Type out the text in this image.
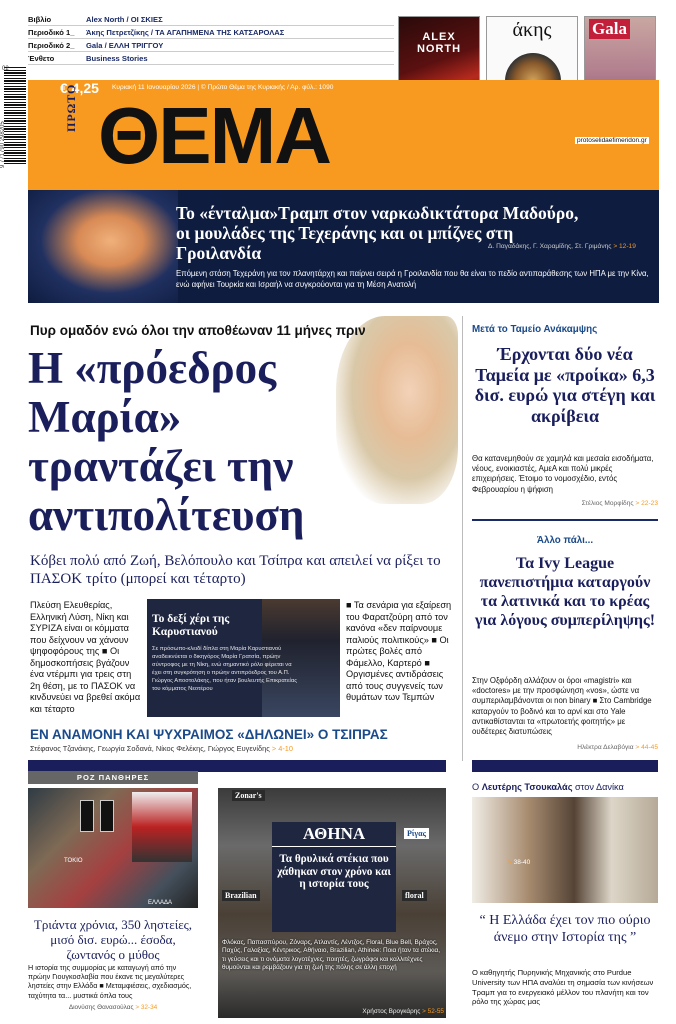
Βιβλίο	Alex North / ΟΙ ΣΚΙΕΣ
Περιοδικό 1_	Άκης Πετρετζίκης / ΤΑ ΑΓΑΠΗΜΕΝΑ ΤΗΣ ΚΑΤΣΑΡΟΛΑΣ
Περιοδικό 2_	Gala / ΕΛΛΗ ΤΡΙΓΓΟΥ
Ένθετο	Business Stories
ALEX NORTH
άκης	Gala
9 771790 298205
02
€ 4,25 Κυριακή 11 Ιανουαρίου 2026 | © Πρώτο Θέμα της Κυριακής / Αρ. φύλ.: 1090
ΠΡΩΤΟ ΘΕΜΑ	protoselidaefimeridon.gr
Το «ένταλμα»Τραμπ στον ναρκωδικτάτορα Μαδούρο, οι μουλάδες της Τεχεράνης και οι μπίζνες στη Γροιλανδία	Δ. Παγαδάκης, Γ. Χαραμίδης, Στ. Γριμάνης > 12-19
Επόμενη στάση Τεχεράνη για τον πλανητάρχη και παίρνει σειρά η Γροιλανδία που θα είναι το πεδίο αντιπαράθεσης των ΗΠΑ με την Κίνα, ενώ αφήνει Τουρκία και Ισραήλ να συγκρούονται για τη Μέση Ανατολή
Πυρ ομαδόν ενώ όλοι την αποθέωναν 11 μήνες πριν
Η «πρόεδρος
Μαρία»
τραντάζει την
αντιπολίτευση
Κόβει πολύ από Ζωή, Βελόπουλο και Τσίπρα και απειλεί να ρίξει το ΠΑΣΟΚ τρίτο (μπορεί και τέταρτο)
Πλεύση Ελευθερίας, Ελληνική Λύση, Νίκη και ΣΥΡΙΖΑ είναι οι κόμματα που δείχνουν να χάνουν ψηφοφόρους της ■ Οι δημοσκοπήσεις βγάζουν ένα ντέρμπι για τρεις στη 2η θέση, με το ΠΑΣΟΚ να κινδυνεύει να βρεθεί ακόμα και τέταρτο
Το δεξί χέρι της Καρυστιανού
Σε πρόσωπο-κλειδί δίπλα στη Μαρία Καρυστιανού αναδεικνύεται ο δικηγόρος Μαρία Γρατσία, πρώην σύντροφος με τη Νίκη, ενώ σημαντικό ρόλο φέρεται να έχει στη συγκρότηση ο πρώην αντιπρόεδρος του Α.Π. Γιώργος Αποστολάκης, που ήταν βουλευτής Επικρατείας του κόμματος Νεοτέρου
■ Τα σενάρια για εξαίρεση του Φαρατζούρη από τον κανόνα «δεν παίρνουμε παλιούς πολιτικούς» ■ Οι πρώτες βολές από Φάμελλο, Καρτερό ■ Οργισμένες αντιδράσεις από τους συγγενείς των θυμάτων των Τεμπών
ΕΝ ΑΝΑΜΟΝΗ ΚΑΙ ΨΥΧΡΑΙΜΟΣ «ΔΗΛΩΝΕΙ» Ο ΤΣΙΠΡΑΣ
Στέφανος Τζανάκης, Γεωργία Σοδανά, Νίκος Φελέκης, Γιώργος Ευγενίδης > 4-10
Μετά το Ταμείο Ανάκαμψης
Έρχονται δύο νέα Ταμεία με «προίκα» 6,3 δισ. ευρώ για στέγη και ακρίβεια
Θα κατανεμηθούν σε χαμηλά και μεσαία εισοδήματα, νέους, ενοικιαστές, ΑμεΑ και πολύ μικρές επιχειρήσεις. Έτοιμο το νομοσχέδιο, εντός Φεβρουαρίου η ψήφιση
Στέλιος Μορφίδης > 22-23
Άλλο πάλι...
Τα Ivy League πανεπιστήμια καταργούν τα λατινικά και το κρέας για λόγους συμπερίληψης!
Στην Οξφόρδη αλλάζουν οι όροι «magistri» και «doctores» με την προσφώνηση «vos», ώστε να συμπεριλαμβάνονται οι non binary ■ Στο Cambridge καταργούν το βοδινό και το αρνί και στο Yale αντικαθίστανται τα «πρωτοετής φοιτητής» με ουδέτερες διατυπώσεις
Ηλέκτρα Δελαβόγια > 44-45
ΡΟΖ ΠΑΝΘΗΡΕΣ
ΤΟΚΙΟ
ΕΛΛΑΔΑ
Τριάντα χρόνια, 350 ληστείες, μισό δισ. ευρώ... έσοδα, ζωντανός ο μύθος
Η ιστορία της συμμορίας με καταγωγή από την πρώην Γιουγκοσλαβία που έκανε τις μεγαλύτερες ληστείες στην Ελλάδα ■ Μεταμφιέσεις, σχεδιασμός, ταχύτητα τα... μυστικά όπλα τους
Διονύσης Θανασούλας > 32-34
Zonar's
Brazilian	floral
Ρίγας
ΑΘΗΝΑ
Τα θρυλικά στέκια που χάθηκαν στον χρόνο και η ιστορία τους
Φλόκας, Παπασπύρου, Ζόναρς, Ατλαντίς, Λέντζος, Floral, Blue Bell, Βράχος, Παχύς, Γαλαξίας, Κέντρικος, Αθήναιο, Brazilian, Athinee: Ποια ήταν τα στέκια, τι γεύσεις και τι ονόματα λογοτέχνες, ποιητές, ζωγράφοι και καλλιτέχνες θυμούνται και ρεμβάζουν για τη ζωή της πόλης σε άλλη εποχή
Χρήστος Βρογκάρης > 52-55
Ο Λευτέρης Τσουκαλάς στον Δανίκα
> 38-40
“ Η Ελλάδα έχει τον πιο ούριο άνεμο στην Ιστορία της ”
Ο καθηγητής Πυρηνικής Μηχανικής στο Purdue University των ΗΠΑ αναλύει τη σημασία των κινήσεων Τραμπ για το ενεργειακό μέλλον του πλανήτη και τον ρόλο της χώρας μας
